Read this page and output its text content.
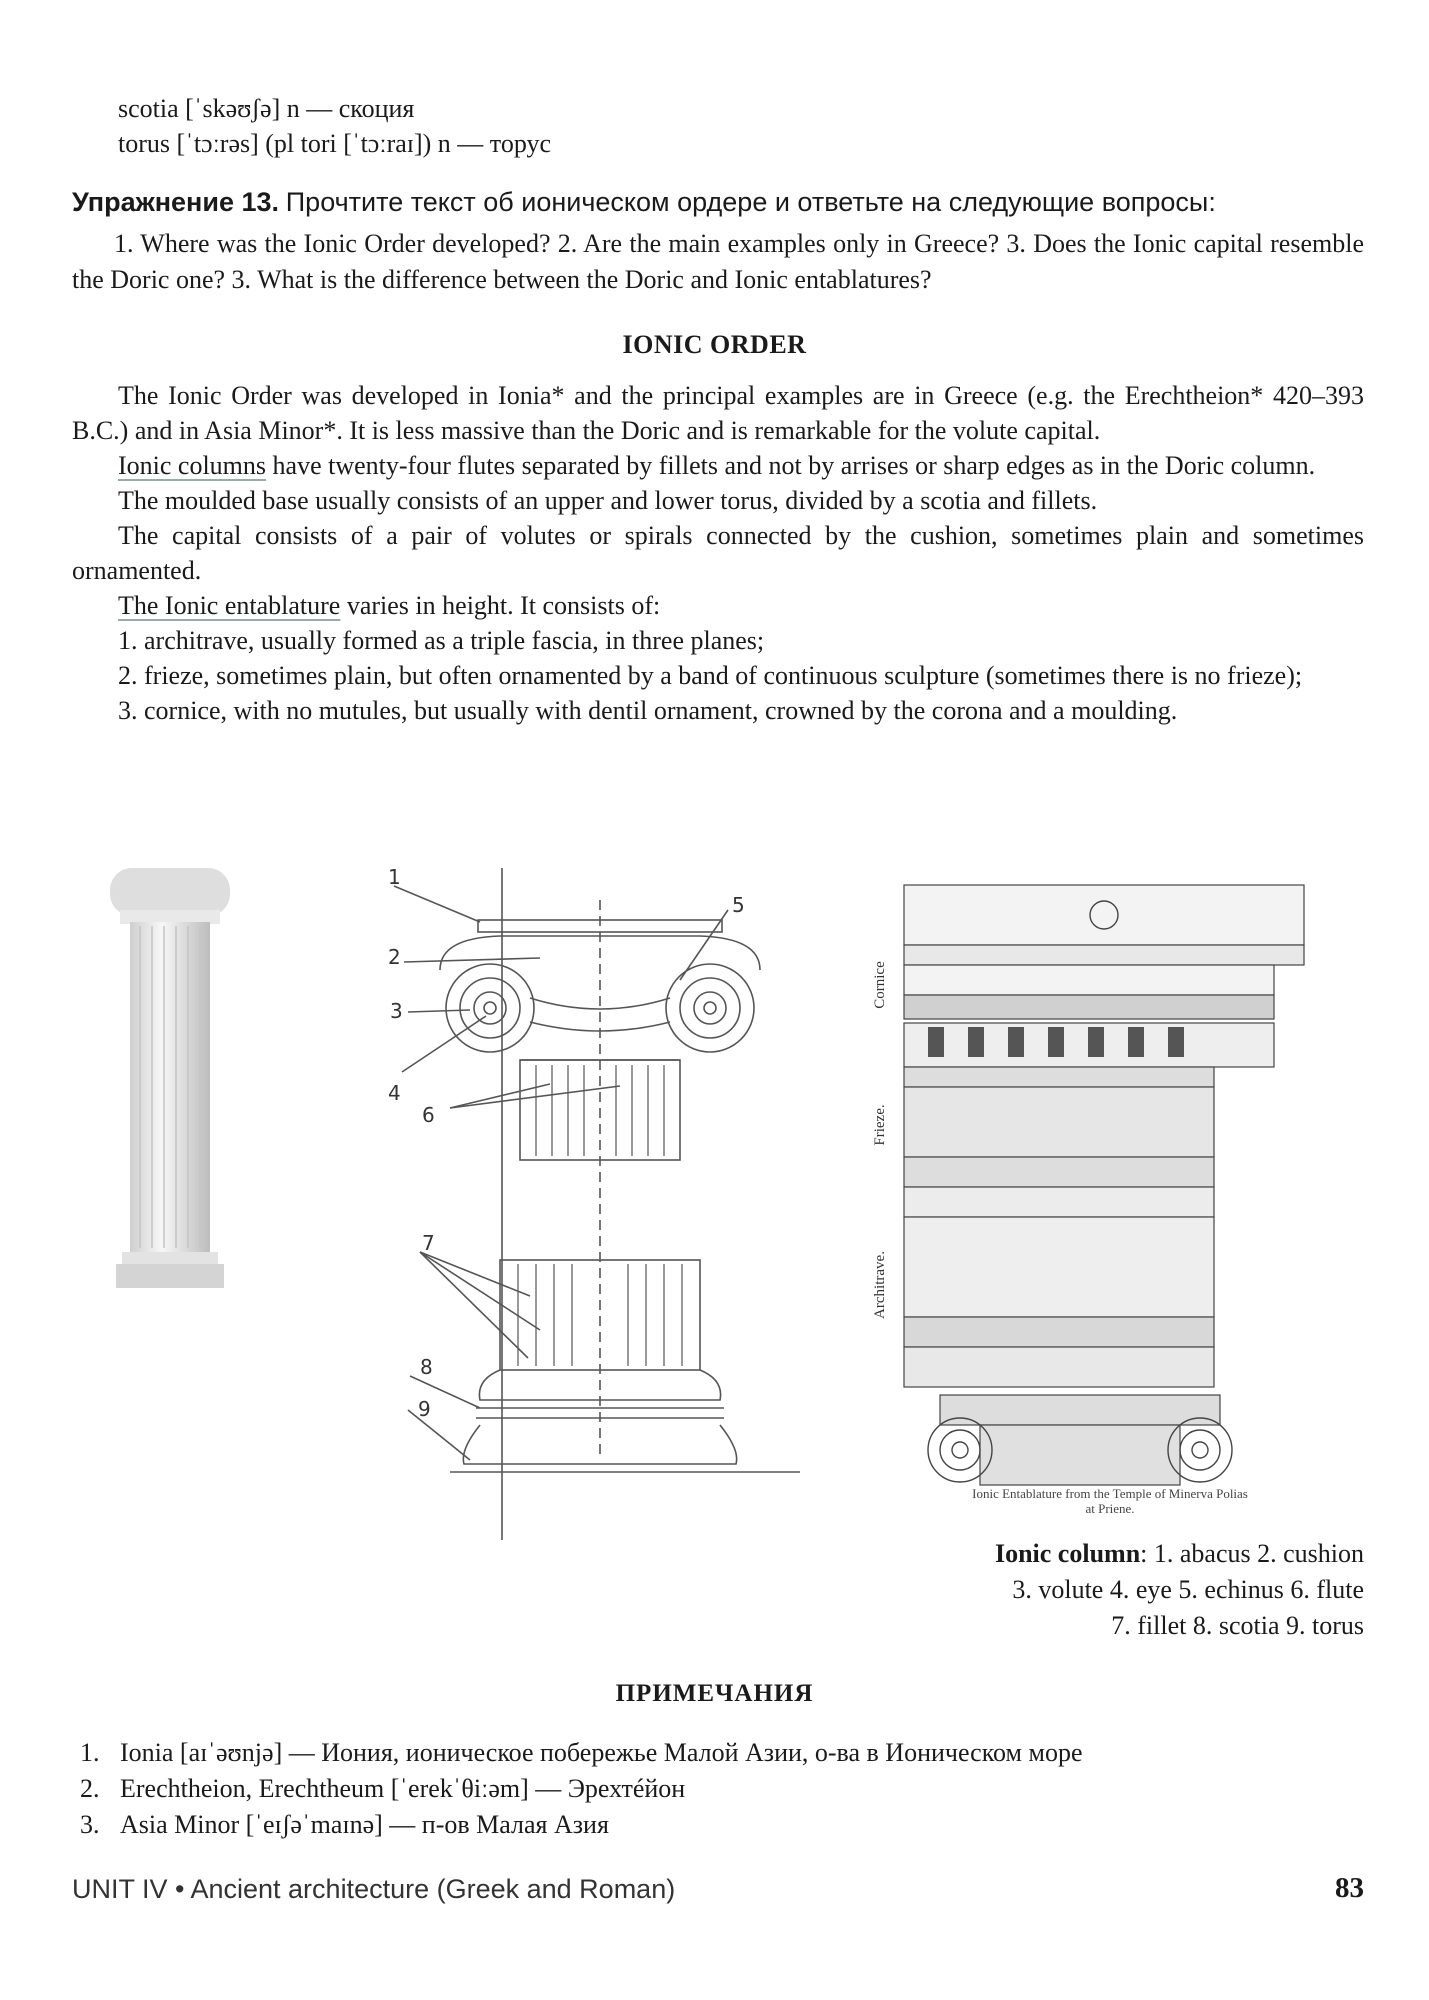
scotia [ˈskəʊʃə] n — скоция
torus [ˈtɔːrəs] (pl tori [ˈtɔːraɪ]) n — торус
Упражнение 13. Прочтите текст об ионическом ордере и ответьте на следующие вопросы:
1. Where was the Ionic Order developed? 2. Are the main examples only in Greece? 3. Does the Ionic capital resemble the Doric one? 3. What is the difference between the Doric and Ionic entablatures?
IONIC ORDER

The Ionic Order was developed in Ionia* and the principal examples are in Greece (e.g. the Erechtheion* 420–393 B.C.) and in Asia Minor*. It is less massive than the Doric and is remarkable for the volute capital.

Ionic columns have twenty-four flutes separated by fillets and not by arrises or sharp edges as in the Doric column.

The moulded base usually consists of an upper and lower torus, divided by a scotia and fillets.

The capital consists of a pair of volutes or spirals connected by the cushion, sometimes plain and sometimes ornamented.

The Ionic entablature varies in height. It consists of:

1. architrave, usually formed as a triple fascia, in three planes;

2. frieze, sometimes plain, but often ornamented by a band of continuous sculpture (sometimes there is no frieze);

3. cornice, with no mutules, but usually with dentil ornament, crowned by the corona and a moulding.

1
2
3
4
5
6
7
8
9
Cornice
Frieze.
Architrave.
Ionic Entablature from the Temple of Minerva Polias
at Priene.
Ionic column: 1. abacus 2. cushion
3. volute 4. eye 5. echinus 6. flute
7. fillet 8. scotia 9. torus
ПРИМЕЧАНИЯ
1. Ionia [aɪˈəʊnjə] — Иония, ионическое побережье Малой Азии, о-ва в Ионическом море
2. Erechtheion, Erechtheum [ˈerekˈθiːəm] — Эрехтéйон
3. Asia Minor [ˈeɪʃəˈmaɪnə] — п-ов Малая Азия
UNIT IV • Ancient architecture (Greek and Roman)	83
